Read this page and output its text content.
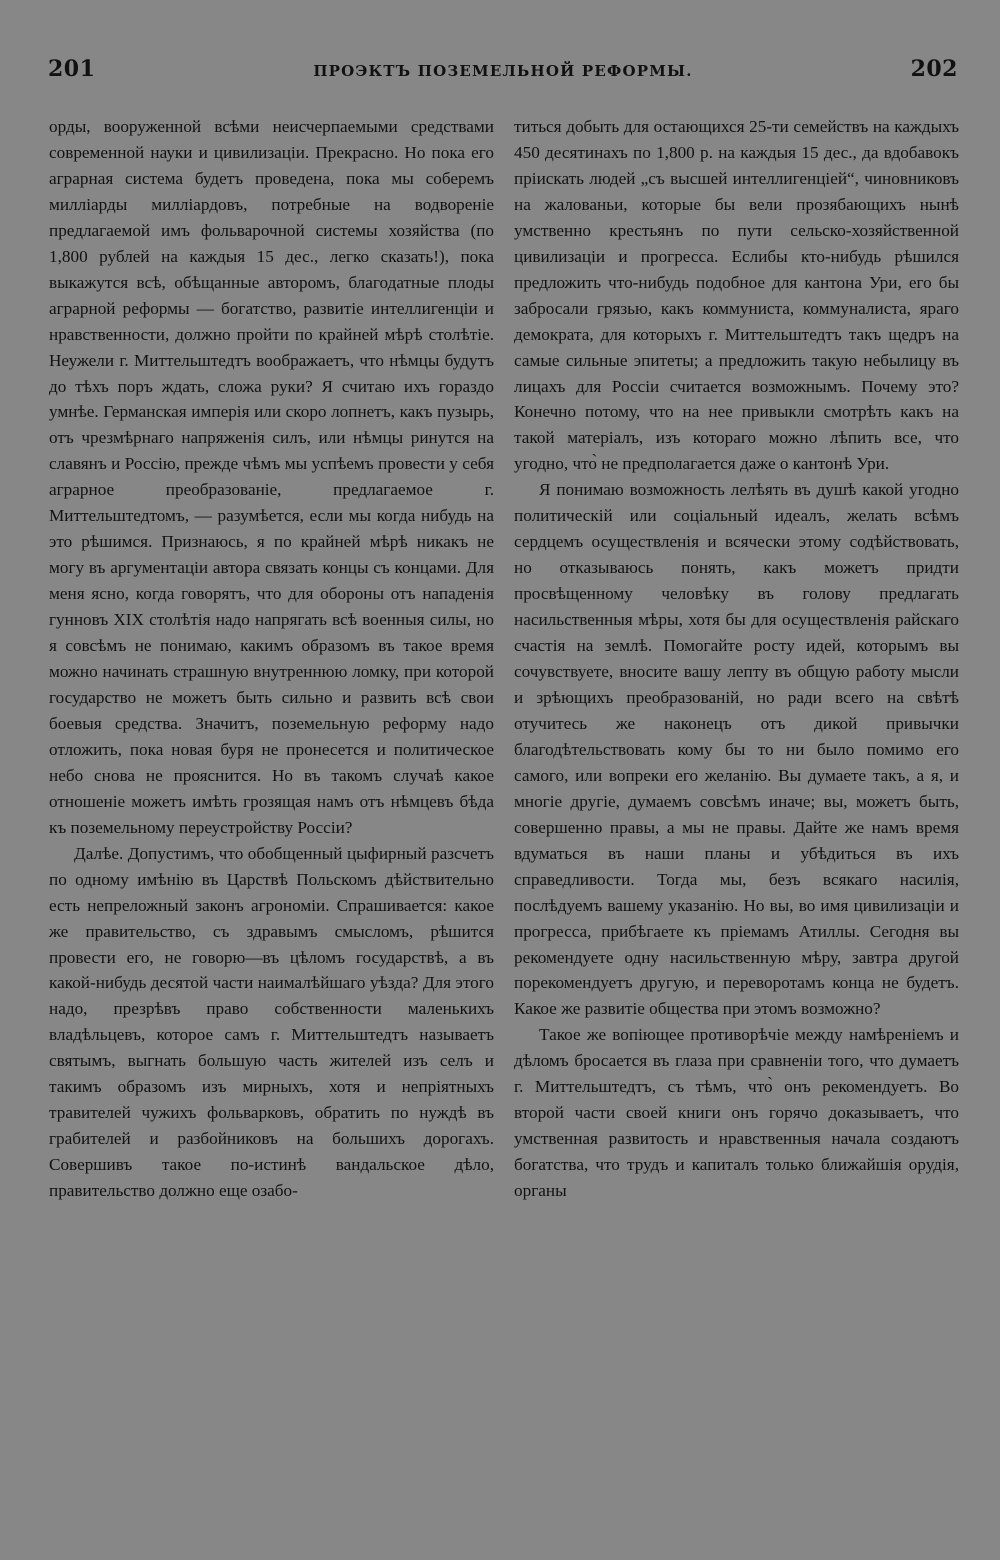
201	ПРОЭКТЪ ПОЗЕМЕЛЬНОЙ РЕФОРМЫ.	202

орды, вооруженной всѣми неисчерпаемыми средствами современной науки и цивилизаціи. Прекрасно. Но пока его аграрная система будетъ проведена, пока мы соберемъ милліарды милліардовъ, потребные на водвореніе предлагаемой имъ фольварочной системы хозяйства (по 1,800 рублей на каждыя 15 дес., легко сказать!), пока выкажутся всѣ, обѣщанные авторомъ, благодатные плоды аграрной реформы — богатство, развитіе интеллигенціи и нравственности, должно пройти по крайней мѣрѣ столѣтіе. Неужели г. Миттельштедтъ воображаетъ, что нѣмцы будутъ до тѣхъ поръ ждать, сложа руки? Я считаю ихъ гораздо умнѣе. Германская имперія или скоро лопнетъ, какъ пузырь, отъ чрезмѣрнаго напряженія силъ, или нѣмцы ринутся на славянъ и Россію, прежде чѣмъ мы успѣемъ провести у себя аграрное преобразованіе, предлагаемое г. Миттельштедтомъ, — разумѣется, если мы когда нибудь на это рѣшимся. Признаюсь, я по крайней мѣрѣ никакъ не могу въ аргументаціи автора связать концы съ концами. Для меня ясно, когда говорятъ, что для обороны отъ нападенія гунновъ XIX столѣтія надо напрягать всѣ военныя силы, но я совсѣмъ не понимаю, какимъ образомъ въ такое время можно начинать страшную внутреннюю ломку, при которой государство не можетъ быть сильно и развить всѣ свои боевыя средства. Значитъ, поземельную реформу надо отложить, пока новая буря не пронесется и политическое небо снова не прояснится. Но въ такомъ случаѣ какое отношеніе можетъ имѣть грозящая намъ отъ нѣмцевъ бѣда къ поземельному переустройству Россіи?

Далѣе. Допустимъ, что обобщенный цыфирный разсчетъ по одному имѣнію въ Царствѣ Польскомъ дѣйствительно есть непреложный законъ агрономіи. Спрашивается: какое же правительство, съ здравымъ смысломъ, рѣшится провести его, не говорю—въ цѣломъ государствѣ, а въ какой-нибудь десятой части наималѣйшаго уѣзда? Для этого надо, презрѣвъ право собственности маленькихъ владѣльцевъ, которое самъ г. Миттельштедтъ называетъ святымъ, выгнать большую часть жителей изъ селъ и такимъ образомъ изъ мирныхъ, хотя и непріятныхъ травителей чужихъ фольварковъ, обратить по нуждѣ въ грабителей и разбойниковъ на большихъ дорогахъ. Совершивъ такое по-истинѣ вандальское дѣло, правительство должно еще озабо-

титься добыть для остающихся 25-ти семействъ на каждыхъ 450 десятинахъ по 1,800 р. на каждыя 15 дес., да вдобавокъ пріискать людей „съ высшей интеллигенціей“, чиновниковъ на жалованьи, которые бы вели прозябающихъ нынѣ умственно крестьянъ по пути сельско-хозяйственной цивилизаціи и прогресса. Еслибы кто-нибудь рѣшился предложить что-нибудь подобное для кантона Ури, его бы забросали грязью, какъ коммуниста, коммуналиста, яраго демократа, для которыхъ г. Миттельштедтъ такъ щедръ на самые сильные эпитеты; а предложить такую небылицу въ лицахъ для Россіи считается возможнымъ. Почему это? Конечно потому, что на нее привыкли смотрѣть какъ на такой матеріалъ, изъ котораго можно лѣпить все, что угодно, что̀ не предполагается даже о кантонѣ Ури.

Я понимаю возможность лелѣять въ душѣ какой угодно политическій или соціальный идеалъ, желать всѣмъ сердцемъ осуществленія и всячески этому содѣйствовать, но отказываюсь понять, какъ можетъ придти просвѣщенному человѣку въ голову предлагать насильственныя мѣры, хотя бы для осуществленія райскаго счастія на землѣ. Помогайте росту идей, которымъ вы сочувствуете, вносите вашу лепту въ общую работу мысли и зрѣющихъ преобразованій, но ради всего на свѣтѣ отучитесь же наконецъ отъ дикой привычки благодѣтельствовать кому бы то ни было помимо его самого, или вопреки его желанію. Вы думаете такъ, а я, и многіе другіе, думаемъ совсѣмъ иначе; вы, можетъ быть, совершенно правы, а мы не правы. Дайте же намъ время вдуматься въ наши планы и убѣдиться въ ихъ справедливости. Тогда мы, безъ всякаго насилія, послѣдуемъ вашему указанію. Но вы, во имя цивилизаціи и прогресса, прибѣгаете къ пріемамъ Атиллы. Сегодня вы рекомендуете одну насильственную мѣру, завтра другой порекомендуетъ другую, и переворотамъ конца не будетъ. Какое же развитіе общества при этомъ возможно?

Такое же вопіющее противорѣчіе между намѣреніемъ и дѣломъ бросается въ глаза при сравненіи того, что думаетъ г. Миттельштедтъ, съ тѣмъ, что̀ онъ рекомендуетъ. Во второй части своей книги онъ горячо доказываетъ, что умственная развитость и нравственныя начала создаютъ богатства, что трудъ и капиталъ только ближайшія орудія, органы
